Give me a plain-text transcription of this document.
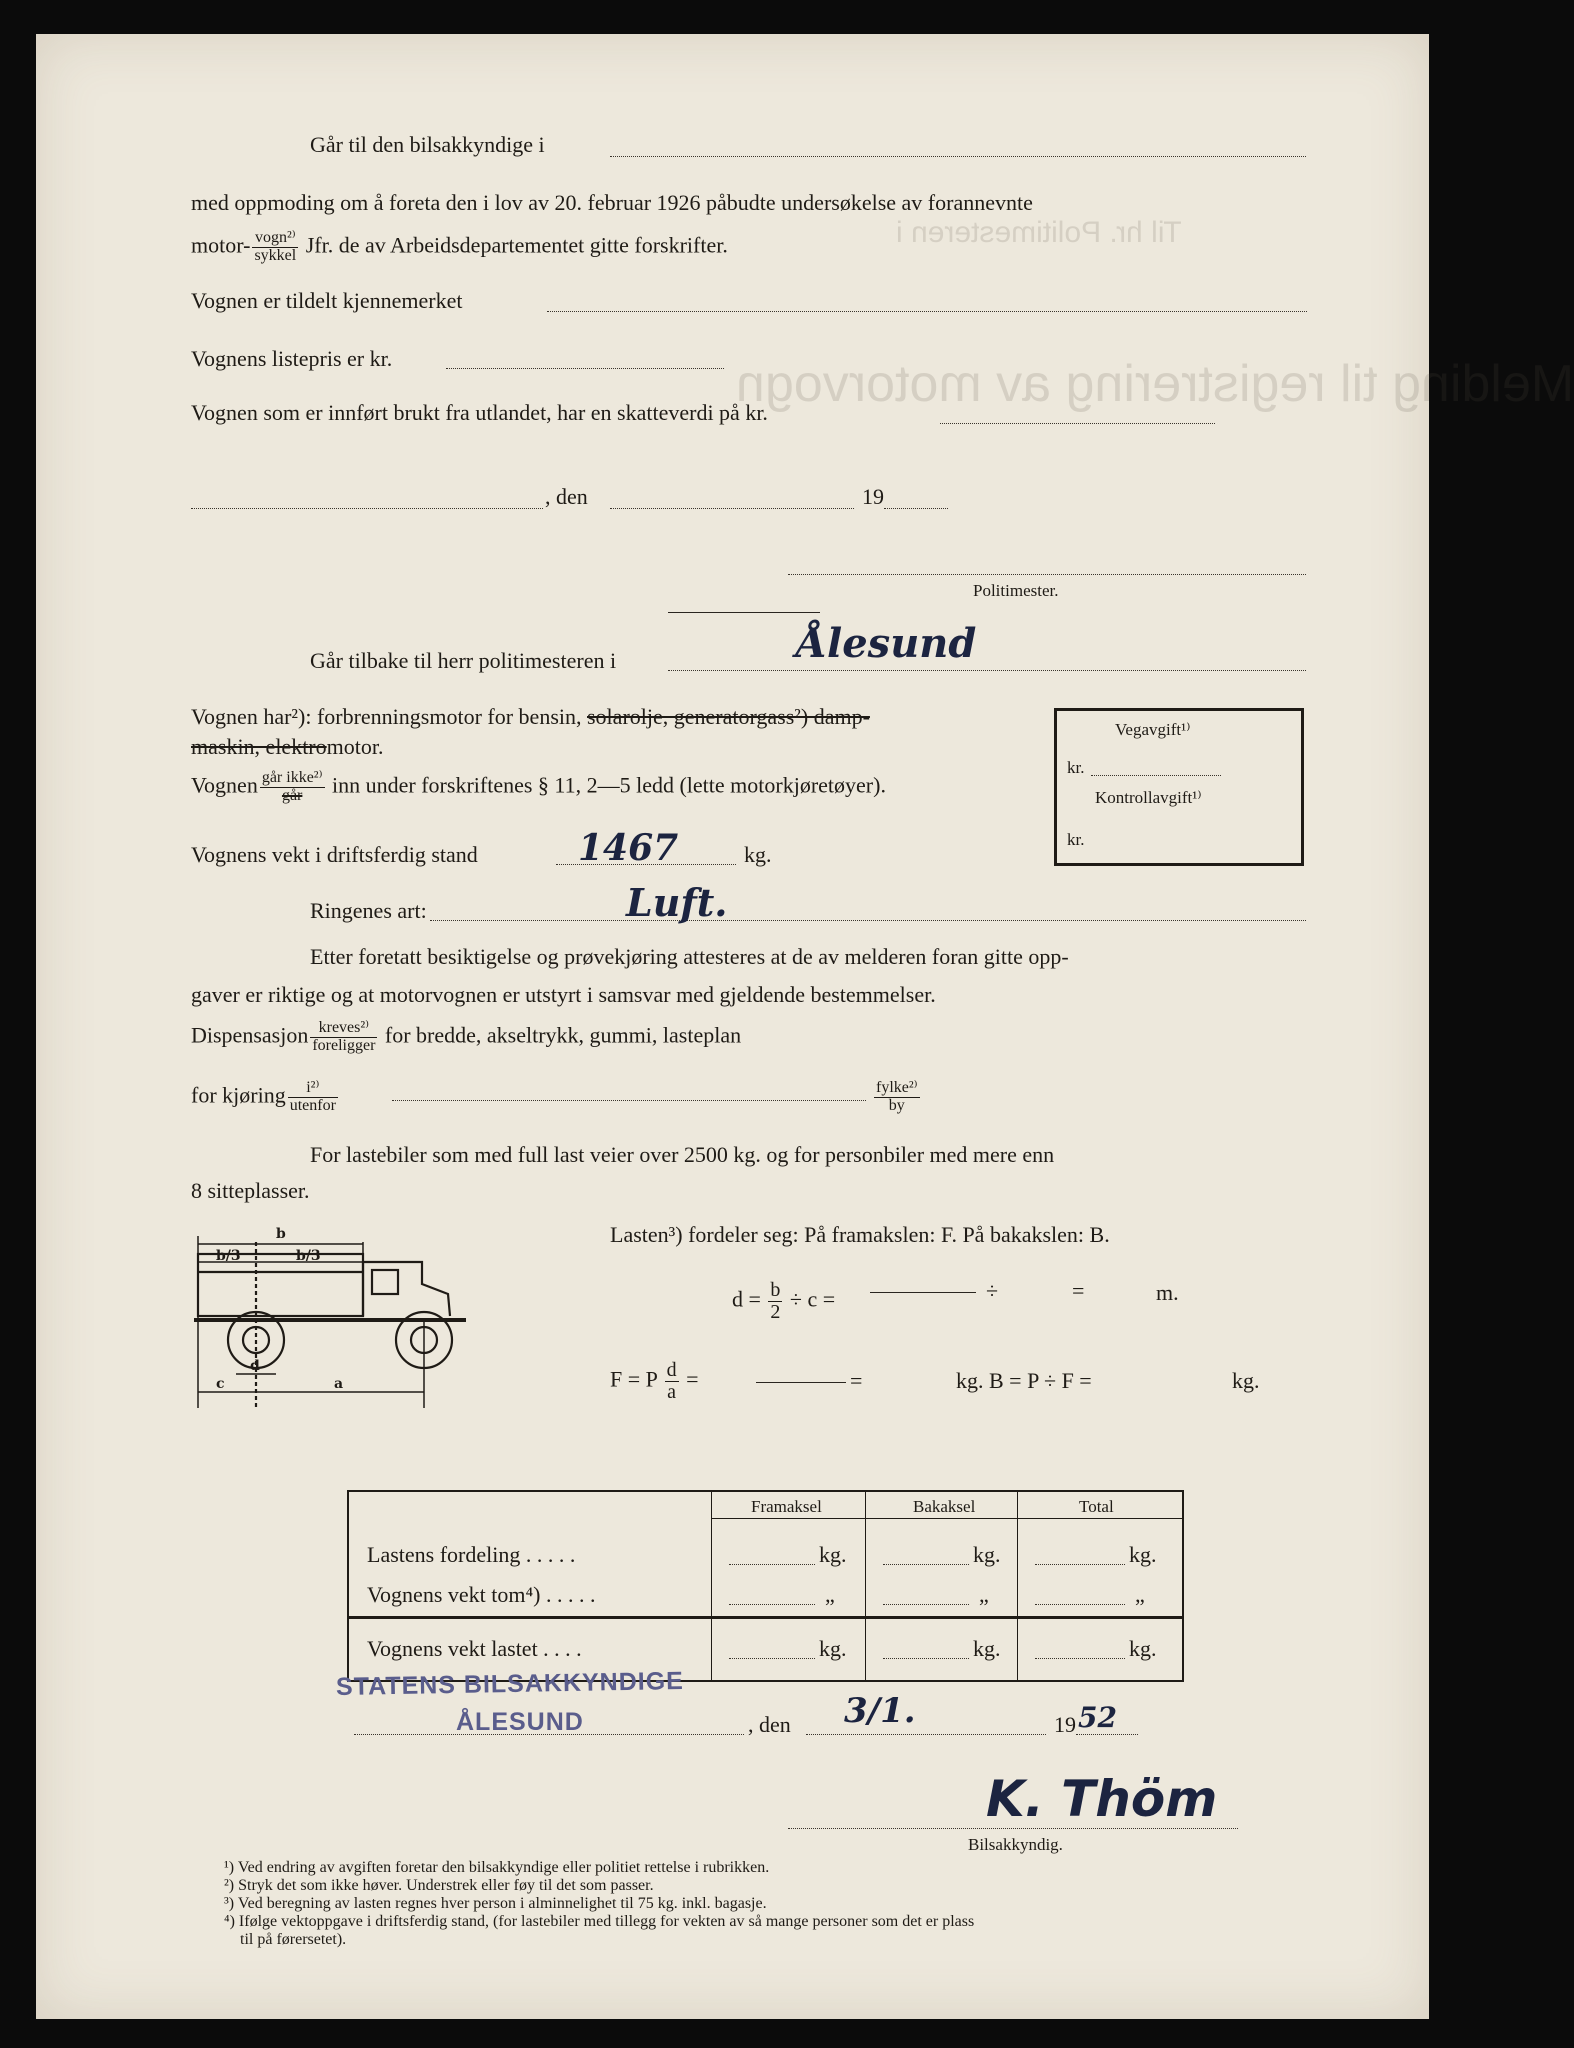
Til hr. Politimesteren i
Melding til registrering av motorvogn
Går til den bilsakkyndige i
med oppmoding om å foreta den i lov av 20. februar 1926 påbudte undersøkelse av forannevnte
motor- $\frac{\text{vogn²⁾}}{\text{sykkel}}$ Jfr. de av Arbeidsdepartementet gitte forskrifter.
Vognen er tildelt kjennemerket
Vognens listepris er kr.
Vognen som er innført brukt fra utlandet, har en skatteverdi på kr.
, den	19
Politimester.
Går tilbake til herr politimesteren i	Ålesund
Vognen har²): forbrenningsmotor for bensin, solarolje, generatorgass²) damp-
maskin, elektromotor.
Vognen $\frac{\text{går ikke²⁾}}{\text{går}}$ inn under forskriftenes § 11, 2—5 ledd (lette motorkjøretøyer).
Vognens vekt i driftsferdig stand	1467	kg.
Ringenes art:	Luft.
Vegavgift¹⁾
kr.
Kontrollavgift¹⁾
kr.
Etter foretatt besiktigelse og prøvekjøring attesteres at de av melderen foran gitte opp-
gaver er riktige og at motorvognen er utstyrt i samsvar med gjeldende bestemmelser.
Dispensasjon $\frac{\text{kreves²⁾}}{\text{foreligger}}$ for bredde, akseltrykk, gummi, lasteplan
for kjøring $\frac{\text{i²⁾}}{\text{utenfor}}$	$\frac{\text{fylke²⁾}}{by}$
For lastebiler som med full last veier over 2500 kg. og for personbiler med mere enn
8 sitteplasser.
b
b/3	b/3
c
d
a
Lasten³) fordeler seg: På framakslen: F. På bakakslen: B.
$d = \frac{b}{2} \div c$ =	÷	=	m.
F = P $\frac{d}{a}$ =	=	kg. B = P ÷ F =	kg.
Framaksel	Bakaksel	Total
Lastens fordeling . . . . .	kg.	kg.	kg.
Vognens vekt tom⁴) . . . . .	„	„	„
Vognens vekt lastet . . . .	kg.	kg.	kg.
STATENS BILSAKKYNDIGE
ÅLESUND	, den 3/1.	19 52
K. Thöm
Bilsakkyndig.
¹) Ved endring av avgiften foretar den bilsakkyndige eller politiet rettelse i rubrikken.
²) Stryk det som ikke høver. Understrek eller føy til det som passer.
³) Ved beregning av lasten regnes hver person i alminnelighet til 75 kg. inkl. bagasje.
⁴) Ifølge vektoppgave i driftsferdig stand, (for lastebiler med tillegg for vekten av så mange personer som det er plass
til på førersetet).
